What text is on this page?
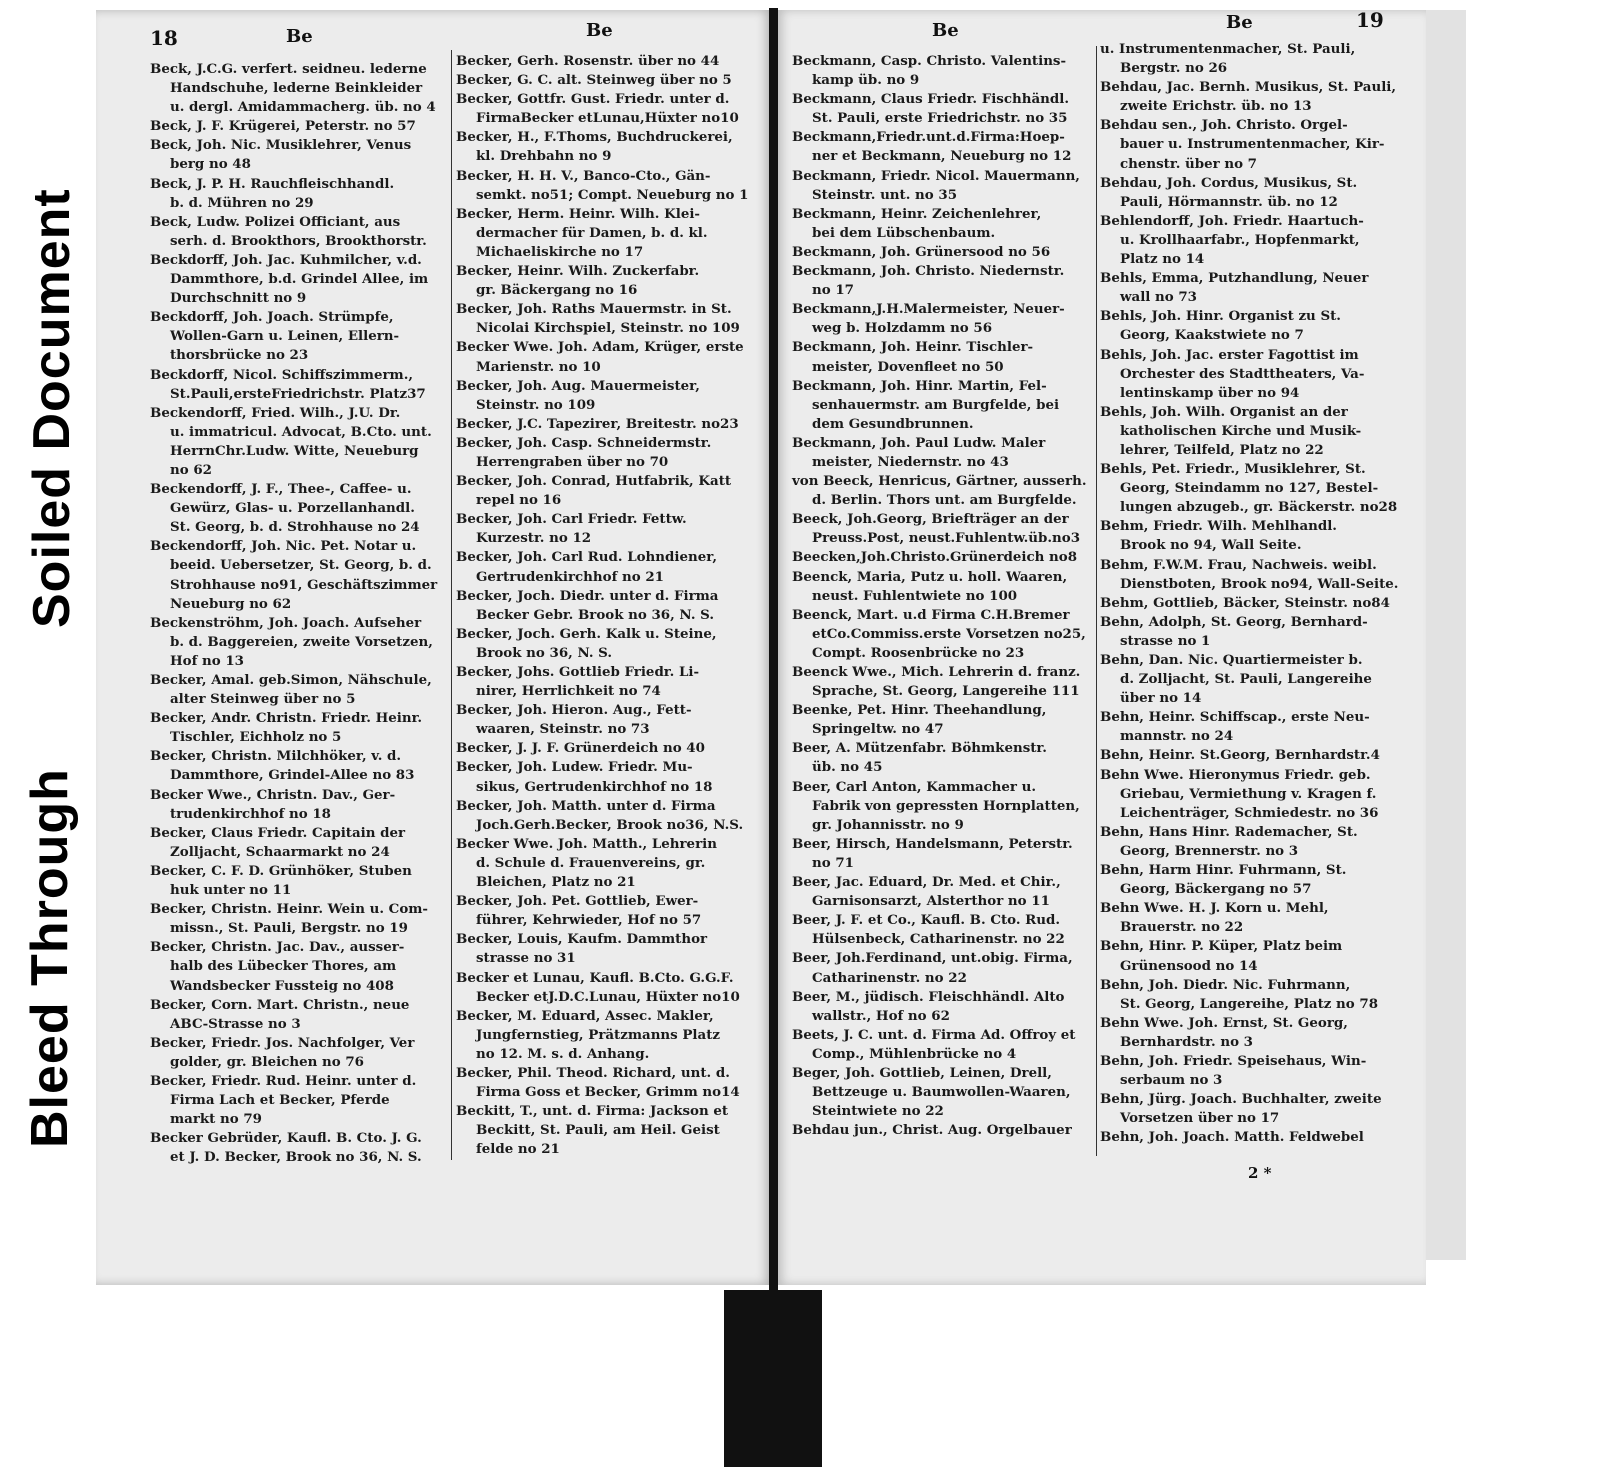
Soiled Document
Bleed Through
18	Be	Be	Be	Be	19
Beck, J.C.G. verfert. seidneu. lederne
Handschuhe, lederne Beinkleider
u. dergl. Amidammacherg. üb. no 4
Beck, J. F. Krügerei, Peterstr. no 57
Beck, Joh. Nic. Musiklehrer, Venus
berg no 48
Beck, J. P. H. Rauchfleischhandl.
b. d. Mühren no 29
Beck, Ludw. Polizei Officiant, aus
serh. d. Brookthors, Brookthorstr.
Beckdorff, Joh. Jac. Kuhmilcher, v.d.
Dammthore, b.d. Grindel Allee, im
Durchschnitt no 9
Beckdorff, Joh. Joach. Strümpfe,
Wollen-Garn u. Leinen, Ellern-
thorsbrücke no 23
Beckdorff, Nicol. Schiffszimmerm.,
St.Pauli,ersteFriedrichstr. Platz37
Beckendorff, Fried. Wilh., J.U. Dr.
u. immatricul. Advocat, B.Cto. unt.
HerrnChr.Ludw. Witte, Neueburg
no 62
Beckendorff, J. F., Thee-, Caffee- u.
Gewürz, Glas- u. Porzellanhandl.
St. Georg, b. d. Strohhause no 24
Beckendorff, Joh. Nic. Pet. Notar u.
beeid. Uebersetzer, St. Georg, b. d.
Strohhause no91, Geschäftszimmer
Neueburg no 62
Beckenströhm, Joh. Joach. Aufseher
b. d. Baggereien, zweite Vorsetzen,
Hof no 13
Becker, Amal. geb.Simon, Nähschule,
alter Steinweg über no 5
Becker, Andr. Christn. Friedr. Heinr.
Tischler, Eichholz no 5
Becker, Christn. Milchhöker, v. d.
Dammthore, Grindel-Allee no 83
Becker Wwe., Christn. Dav., Ger-
trudenkirchhof no 18
Becker, Claus Friedr. Capitain der
Zolljacht, Schaarmarkt no 24
Becker, C. F. D. Grünhöker, Stuben
huk unter no 11
Becker, Christn. Heinr. Wein u. Com-
missn., St. Pauli, Bergstr. no 19
Becker, Christn. Jac. Dav., ausser-
halb des Lübecker Thores, am
Wandsbecker Fussteig no 408
Becker, Corn. Mart. Christn., neue
ABC-Strasse no 3
Becker, Friedr. Jos. Nachfolger, Ver
golder, gr. Bleichen no 76
Becker, Friedr. Rud. Heinr. unter d.
Firma Lach et Becker, Pferde
markt no 79
Becker Gebrüder, Kaufl. B. Cto. J. G.
et J. D. Becker, Brook no 36, N. S.
Becker, Gerh. Rosenstr. über no 44
Becker, G. C. alt. Steinweg über no 5
Becker, Gottfr. Gust. Friedr. unter d.
FirmaBecker etLunau,Hüxter no10
Becker, H., F.Thoms, Buchdruckerei,
kl. Drehbahn no 9
Becker, H. H. V., Banco-Cto., Gän-
semkt. no51; Compt. Neueburg no 1
Becker, Herm. Heinr. Wilh. Klei-
dermacher für Damen, b. d. kl.
Michaeliskirche no 17
Becker, Heinr. Wilh. Zuckerfabr.
gr. Bäckergang no 16
Becker, Joh. Raths Mauermstr. in St.
Nicolai Kirchspiel, Steinstr. no 109
Becker Wwe. Joh. Adam, Krüger, erste
Marienstr. no 10
Becker, Joh. Aug. Mauermeister,
Steinstr. no 109
Becker, J.C. Tapezirer, Breitestr. no23
Becker, Joh. Casp. Schneidermstr.
Herrengraben über no 70
Becker, Joh. Conrad, Hutfabrik, Katt
repel no 16
Becker, Joh. Carl Friedr. Fettw.
Kurzestr. no 12
Becker, Joh. Carl Rud. Lohndiener,
Gertrudenkirchhof no 21
Becker, Joch. Diedr. unter d. Firma
Becker Gebr. Brook no 36, N. S.
Becker, Joch. Gerh. Kalk u. Steine,
Brook no 36, N. S.
Becker, Johs. Gottlieb Friedr. Li-
nirer, Herrlichkeit no 74
Becker, Joh. Hieron. Aug., Fett-
waaren, Steinstr. no 73
Becker, J. J. F. Grünerdeich no 40
Becker, Joh. Ludew. Friedr. Mu-
sikus, Gertrudenkirchhof no 18
Becker, Joh. Matth. unter d. Firma
Joch.Gerh.Becker, Brook no36, N.S.
Becker Wwe. Joh. Matth., Lehrerin
d. Schule d. Frauenvereins, gr.
Bleichen, Platz no 21
Becker, Joh. Pet. Gottlieb, Ewer-
führer, Kehrwieder, Hof no 57
Becker, Louis, Kaufm. Dammthor
strasse no 31
Becker et Lunau, Kaufl. B.Cto. G.G.F.
Becker etJ.D.C.Lunau, Hüxter no10
Becker, M. Eduard, Assec. Makler,
Jungfernstieg, Prätzmanns Platz
no 12. M. s. d. Anhang.
Becker, Phil. Theod. Richard, unt. d.
Firma Goss et Becker, Grimm no14
Beckitt, T., unt. d. Firma: Jackson et
Beckitt, St. Pauli, am Heil. Geist
felde no 21
Beckmann, Casp. Christo. Valentins-
kamp üb. no 9
Beckmann, Claus Friedr. Fischhändl.
St. Pauli, erste Friedrichstr. no 35
Beckmann,Friedr.unt.d.Firma:Hoep-
ner et Beckmann, Neueburg no 12
Beckmann, Friedr. Nicol. Mauermann,
Steinstr. unt. no 35
Beckmann, Heinr. Zeichenlehrer,
bei dem Lübschenbaum.
Beckmann, Joh. Grünersood no 56
Beckmann, Joh. Christo. Niedernstr.
no 17
Beckmann,J.H.Malermeister, Neuer-
weg b. Holzdamm no 56
Beckmann, Joh. Heinr. Tischler-
meister, Dovenfleet no 50
Beckmann, Joh. Hinr. Martin, Fel-
senhauermstr. am Burgfelde, bei
dem Gesundbrunnen.
Beckmann, Joh. Paul Ludw. Maler
meister, Niedernstr. no 43
von Beeck, Henricus, Gärtner, ausserh.
d. Berlin. Thors unt. am Burgfelde.
Beeck, Joh.Georg, Briefträger an der
Preuss.Post, neust.Fuhlentw.üb.no3
Beecken,Joh.Christo.Grünerdeich no8
Beenck, Maria, Putz u. holl. Waaren,
neust. Fuhlentwiete no 100
Beenck, Mart. u.d Firma C.H.Bremer
etCo.Commiss.erste Vorsetzen no25,
Compt. Roosenbrücke no 23
Beenck Wwe., Mich. Lehrerin d. franz.
Sprache, St. Georg, Langereihe 111
Beenke, Pet. Hinr. Theehandlung,
Springeltw. no 47
Beer, A. Mützenfabr. Böhmkenstr.
üb. no 45
Beer, Carl Anton, Kammacher u.
Fabrik von gepressten Hornplatten,
gr. Johannisstr. no 9
Beer, Hirsch, Handelsmann, Peterstr.
no 71
Beer, Jac. Eduard, Dr. Med. et Chir.,
Garnisonsarzt, Alsterthor no 11
Beer, J. F. et Co., Kaufl. B. Cto. Rud.
Hülsenbeck, Catharinenstr. no 22
Beer, Joh.Ferdinand, unt.obig. Firma,
Catharinenstr. no 22
Beer, M., jüdisch. Fleischhändl. Alto
wallstr., Hof no 62
Beets, J. C. unt. d. Firma Ad. Offroy et
Comp., Mühlenbrücke no 4
Beger, Joh. Gottlieb, Leinen, Drell,
Bettzeuge u. Baumwollen-Waaren,
Steintwiete no 22
Behdau jun., Christ. Aug. Orgelbauer
u. Instrumentenmacher, St. Pauli,
Bergstr. no 26
Behdau, Jac. Bernh. Musikus, St. Pauli,
zweite Erichstr. üb. no 13
Behdau sen., Joh. Christo. Orgel-
bauer u. Instrumentenmacher, Kir-
chenstr. über no 7
Behdau, Joh. Cordus, Musikus, St.
Pauli, Hörmannstr. üb. no 12
Behlendorff, Joh. Friedr. Haartuch-
u. Krollhaarfabr., Hopfenmarkt,
Platz no 14
Behls, Emma, Putzhandlung, Neuer
wall no 73
Behls, Joh. Hinr. Organist zu St.
Georg, Kaakstwiete no 7
Behls, Joh. Jac. erster Fagottist im
Orchester des Stadttheaters, Va-
lentinskamp über no 94
Behls, Joh. Wilh. Organist an der
katholischen Kirche und Musik-
lehrer, Teilfeld, Platz no 22
Behls, Pet. Friedr., Musiklehrer, St.
Georg, Steindamm no 127, Bestel-
lungen abzugeb., gr. Bäckerstr. no28
Behm, Friedr. Wilh. Mehlhandl.
Brook no 94, Wall Seite.
Behm, F.W.M. Frau, Nachweis. weibl.
Dienstboten, Brook no94, Wall-Seite.
Behm, Gottlieb, Bäcker, Steinstr. no84
Behn, Adolph, St. Georg, Bernhard-
strasse no 1
Behn, Dan. Nic. Quartiermeister b.
d. Zolljacht, St. Pauli, Langereihe
über no 14
Behn, Heinr. Schiffscap., erste Neu-
mannstr. no 24
Behn, Heinr. St.Georg, Bernhardstr.4
Behn Wwe. Hieronymus Friedr. geb.
Griebau, Vermiethung v. Kragen f.
Leichenträger, Schmiedestr. no 36
Behn, Hans Hinr. Rademacher, St.
Georg, Brennerstr. no 3
Behn, Harm Hinr. Fuhrmann, St.
Georg, Bäckergang no 57
Behn Wwe. H. J. Korn u. Mehl,
Brauerstr. no 22
Behn, Hinr. P. Küper, Platz beim
Grünensood no 14
Behn, Joh. Diedr. Nic. Fuhrmann,
St. Georg, Langereihe, Platz no 78
Behn Wwe. Joh. Ernst, St. Georg,
Bernhardstr. no 3
Behn, Joh. Friedr. Speisehaus, Win-
serbaum no 3
Behn, Jürg. Joach. Buchhalter, zweite
Vorsetzen über no 17
Behn, Joh. Joach. Matth. Feldwebel
2 *
